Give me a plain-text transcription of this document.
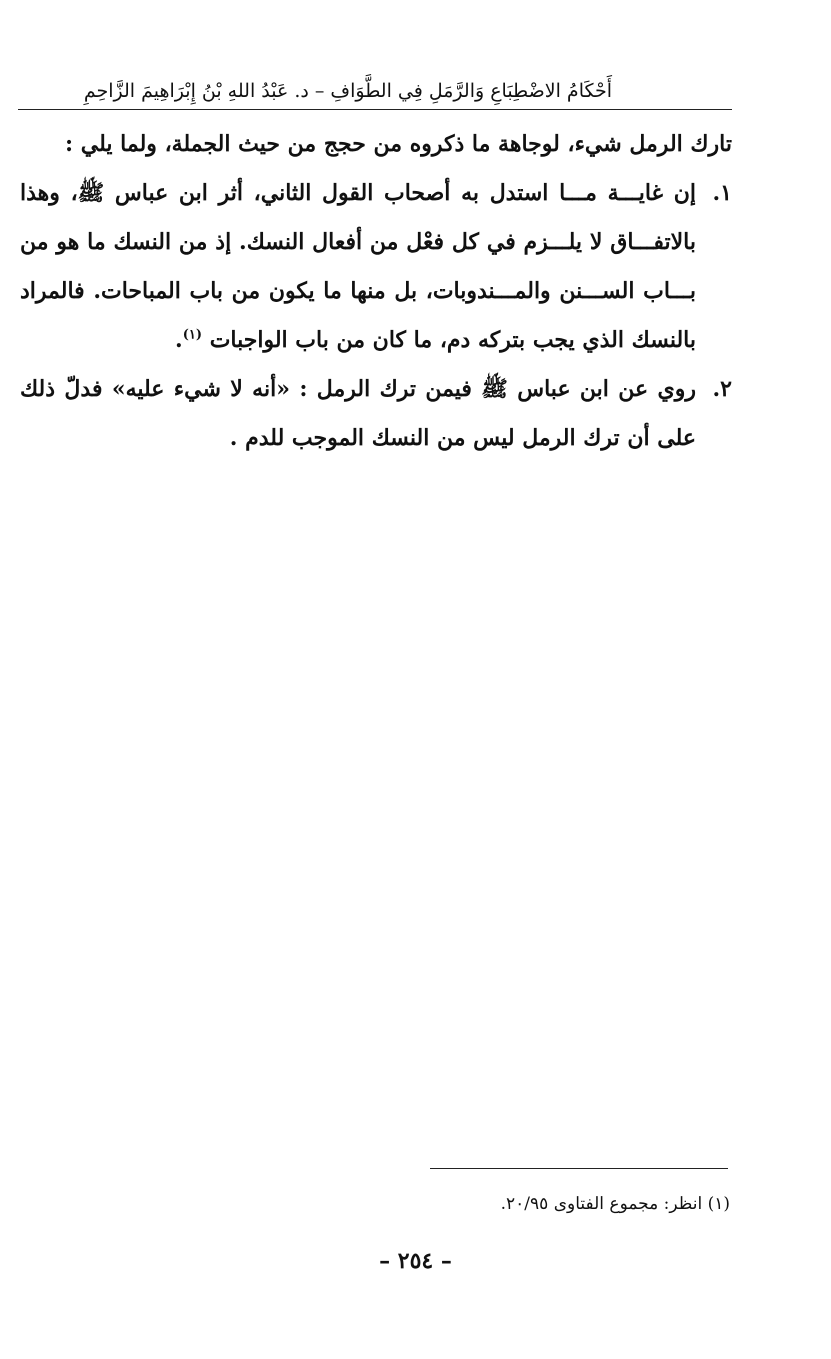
أَحْكَامُ الاضْطِبَاعِ وَالرَّمَلِ فِي الطَّوَافِ – د. عَبْدُ اللهِ بْنُ إِبْرَاهِيمَ الزَّاحِمِ

تارك الرمل شيء، لوجاهة ما ذكروه من حجج من حيث الجملة، ولما يلي :

١.
إن غايـــة مـــا استدل به أصحاب القول الثاني، أثر ابن عباس ﷺ، وهذا بالاتفـــاق لا يلـــزم في كل فعْل من أفعال النسك. إذ من النسك ما هو من بـــاب الســـنن والمـــندوبات، بل منها ما يكون من باب المباحات. فالمراد بالنسك الذي يجب بتركه دم، ما كان من باب الواجبات $^{(١)}$.
٢.
روي عن ابن عباس ﷺ فيمن ترك الرمل : «أنه لا شيء عليه» فدلّ ذلك على أن ترك الرمل ليس من النسك الموجب للدم .
(١) انظر: مجموع الفتاوى ٢٠/٩٥.
– ٢٥٤ –
